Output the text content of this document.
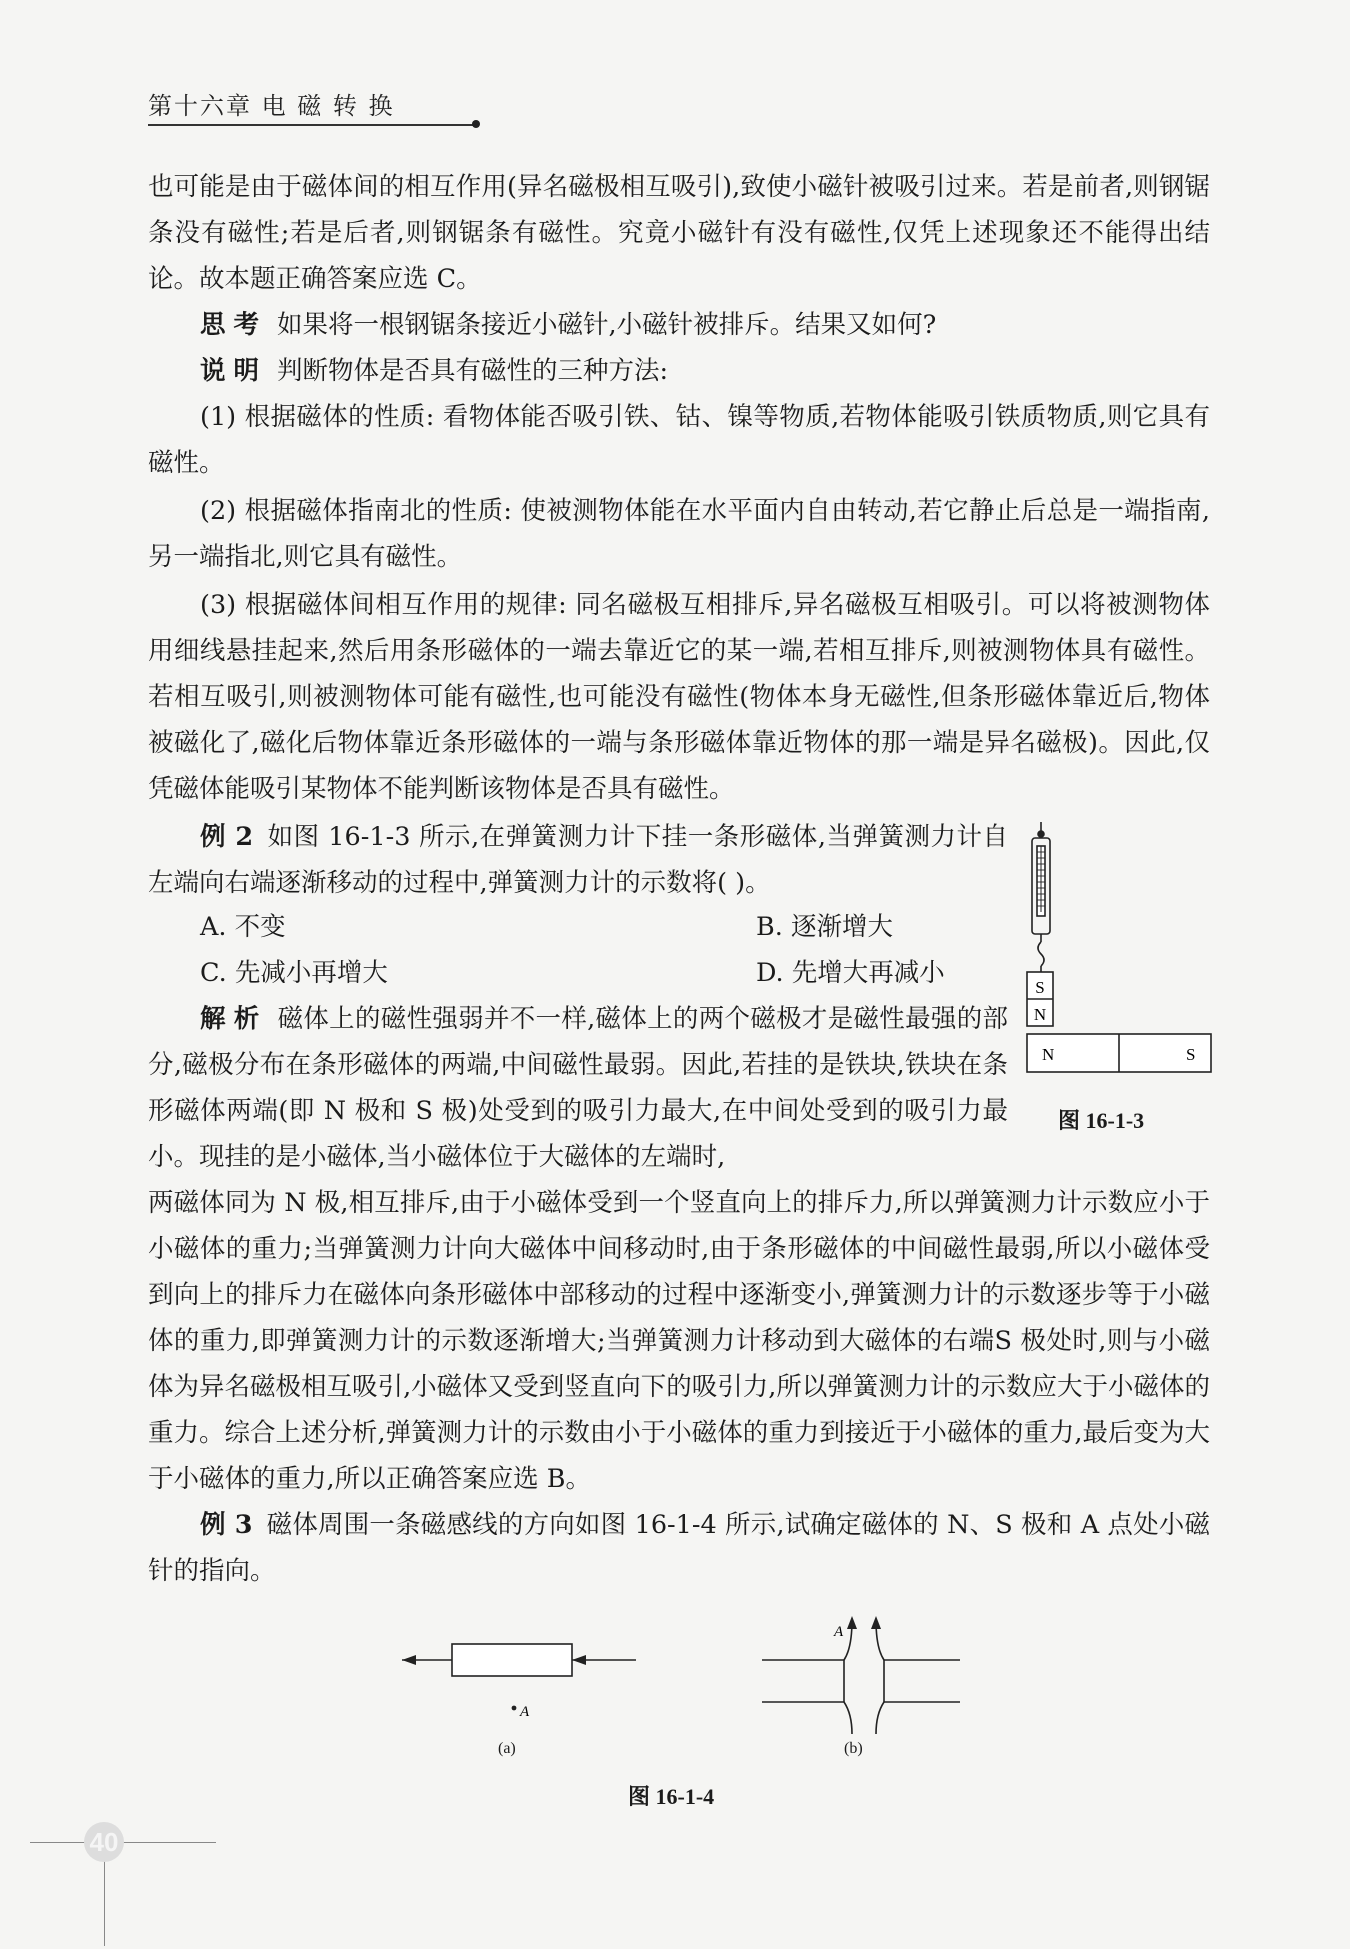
第十六章 电 磁 转 换

也可能是由于磁体间的相互作用(异名磁极相互吸引),致使小磁针被吸引过来。若是前者,则钢锯条没有磁性;若是后者,则钢锯条有磁性。究竟小磁针有没有磁性,仅凭上述现象还不能得出结论。故本题正确答案应选 C。

思考 如果将一根钢锯条接近小磁针,小磁针被排斥。结果又如何?

说明 判断物体是否具有磁性的三种方法:

(1) 根据磁体的性质: 看物体能否吸引铁、钴、镍等物质,若物体能吸引铁质物质,则它具有磁性。

(2) 根据磁体指南北的性质: 使被测物体能在水平面内自由转动,若它静止后总是一端指南,另一端指北,则它具有磁性。

(3) 根据磁体间相互作用的规律: 同名磁极互相排斥,异名磁极互相吸引。可以将被测物体用细线悬挂起来,然后用条形磁体的一端去靠近它的某一端,若相互排斥,则被测物体具有磁性。若相互吸引,则被测物体可能有磁性,也可能没有磁性(物体本身无磁性,但条形磁体靠近后,物体被磁化了,磁化后物体靠近条形磁体的一端与条形磁体靠近物体的那一端是异名磁极)。因此,仅凭磁体能吸引某物体不能判断该物体是否具有磁性。

例 2 如图 16-1-3 所示,在弹簧测力计下挂一条形磁体,当弹簧测力计自左端向右端逐渐移动的过程中,弹簧测力计的示数将( )。

A. 不变	B. 逐渐增大
C. 先减小再增大	D. 先增大再减小

解析 磁体上的磁性强弱并不一样,磁体上的两个磁极才是磁性最强的部分,磁极分布在条形磁体的两端,中间磁性最弱。因此,若挂的是铁块,铁块在条形磁体两端(即 N 极和 S 极)处受到的吸引力最大,在中间处受到的吸引力最小。现挂的是小磁体,当小磁体位于大磁体的左端时,

两磁体同为 N 极,相互排斥,由于小磁体受到一个竖直向上的排斥力,所以弹簧测力计示数应小于小磁体的重力;当弹簧测力计向大磁体中间移动时,由于条形磁体的中间磁性最弱,所以小磁体受到向上的排斥力在磁体向条形磁体中部移动的过程中逐渐变小,弹簧测力计的示数逐步等于小磁体的重力,即弹簧测力计的示数逐渐增大;当弹簧测力计移动到大磁体的右端S 极处时,则与小磁体为异名磁极相互吸引,小磁体又受到竖直向下的吸引力,所以弹簧测力计的示数应大于小磁体的重力。综合上述分析,弹簧测力计的示数由小于小磁体的重力到接近于小磁体的重力,最后变为大于小磁体的重力,所以正确答案应选 B。

S
N
N	S
图 16-1-3

例 3 磁体周围一条磁感线的方向如图 16-1-4 所示,试确定磁体的 N、S 极和 A 点处小磁针的指向。

A
(a)
A
(b)
图 16-1-4
40
